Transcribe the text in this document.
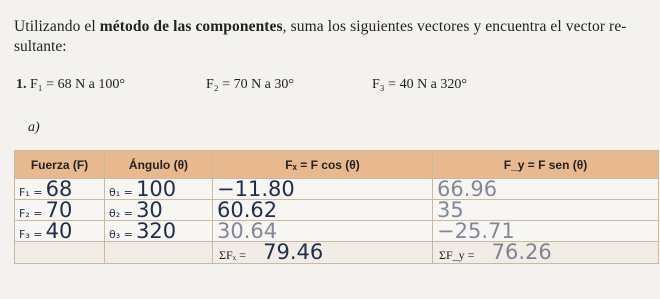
Utilizando el método de las componentes, suma los siguientes vectores y encuentra el vector re-
sultante:
1. F₁ = 68 N a 100°	F₂ = 70 N a 30°	F₃ = 40 N a 320°
a)
Fuerza (F)	Ángulo (θ)	Fₓ = F cos (θ)	F_y = F sen (θ)
F₁ = 68	θ₁ = 100	−11.80	66.96
F₂ = 70	θ₂ = 30	60.62	35
F₃ = 40	θ₃ = 320	30.64	−25.71
		ΣFₓ = 79.46	ΣF_y = 76.26
